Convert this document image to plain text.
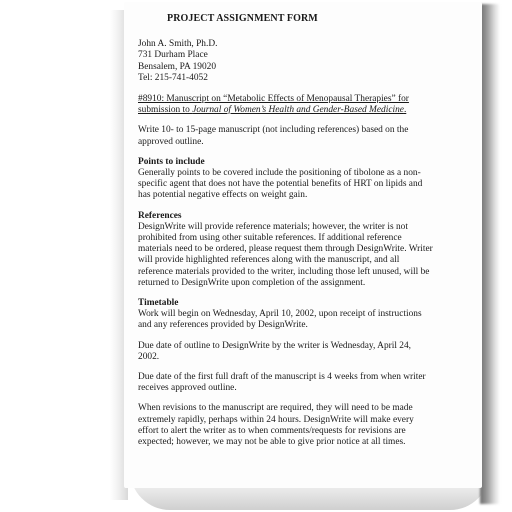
PROJECT ASSIGNMENT FORM
John A. Smith, Ph.D.
731 Durham Place
Bensalem, PA 19020
Tel: 215-741-4052
#8910: Manuscript on “Metabolic Effects of Menopausal Therapies” for submission to Journal of Women’s Health and Gender-Based Medicine.
Write 10- to 15-page manuscript (not including references) based on the approved outline.
Points to include
Generally points to be covered include the positioning of tibolone as a non-specific agent that does not have the potential benefits of HRT on lipids and has potential negative effects on weight gain.
References
DesignWrite will provide reference materials; however, the writer is not prohibited from using other suitable references. If additional reference materials need to be ordered, please request them through DesignWrite. Writer will provide highlighted references along with the manuscript, and all reference materials provided to the writer, including those left unused, will be returned to DesignWrite upon completion of the assignment.
Timetable
Work will begin on Wednesday, April 10, 2002, upon receipt of instructions and any references provided by DesignWrite.
Due date of outline to DesignWrite by the writer is Wednesday, April 24, 2002.
Due date of the first full draft of the manuscript is 4 weeks from when writer receives approved outline.
When revisions to the manuscript are required, they will need to be made extremely rapidly, perhaps within 24 hours. DesignWrite will make every effort to alert the writer as to when comments/requests for revisions are expected; however, we may not be able to give prior notice at all times.
